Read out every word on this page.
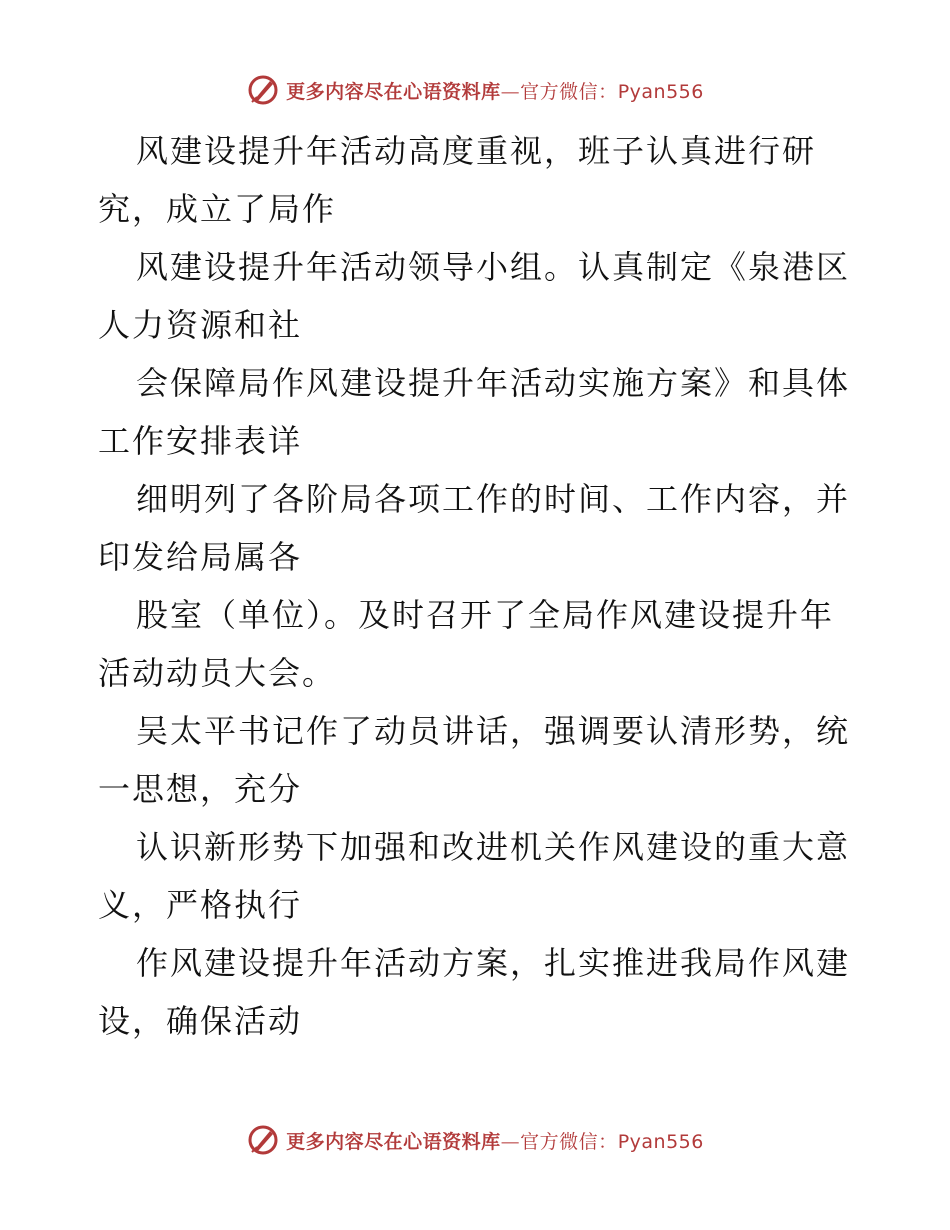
更多内容尽在心语资料库—官方微信：Pyan556

风建设提升年活动高度重视，班子认真进行研
究，成立了局作

风建设提升年活动领导小组。认真制定《泉港区
人力资源和社

会保障局作风建设提升年活动实施方案》和具体
工作安排表详

细明列了各阶局各项工作的时间、工作内容，并
印发给局属各

股室（单位）。及时召开了全局作风建设提升年
活动动员大会。

吴太平书记作了动员讲话，强调要认清形势，统
一思想，充分

认识新形势下加强和改进机关作风建设的重大意
义，严格执行

作风建设提升年活动方案，扎实推进我局作风建
设，确保活动

更多内容尽在心语资料库—官方微信：Pyan556
